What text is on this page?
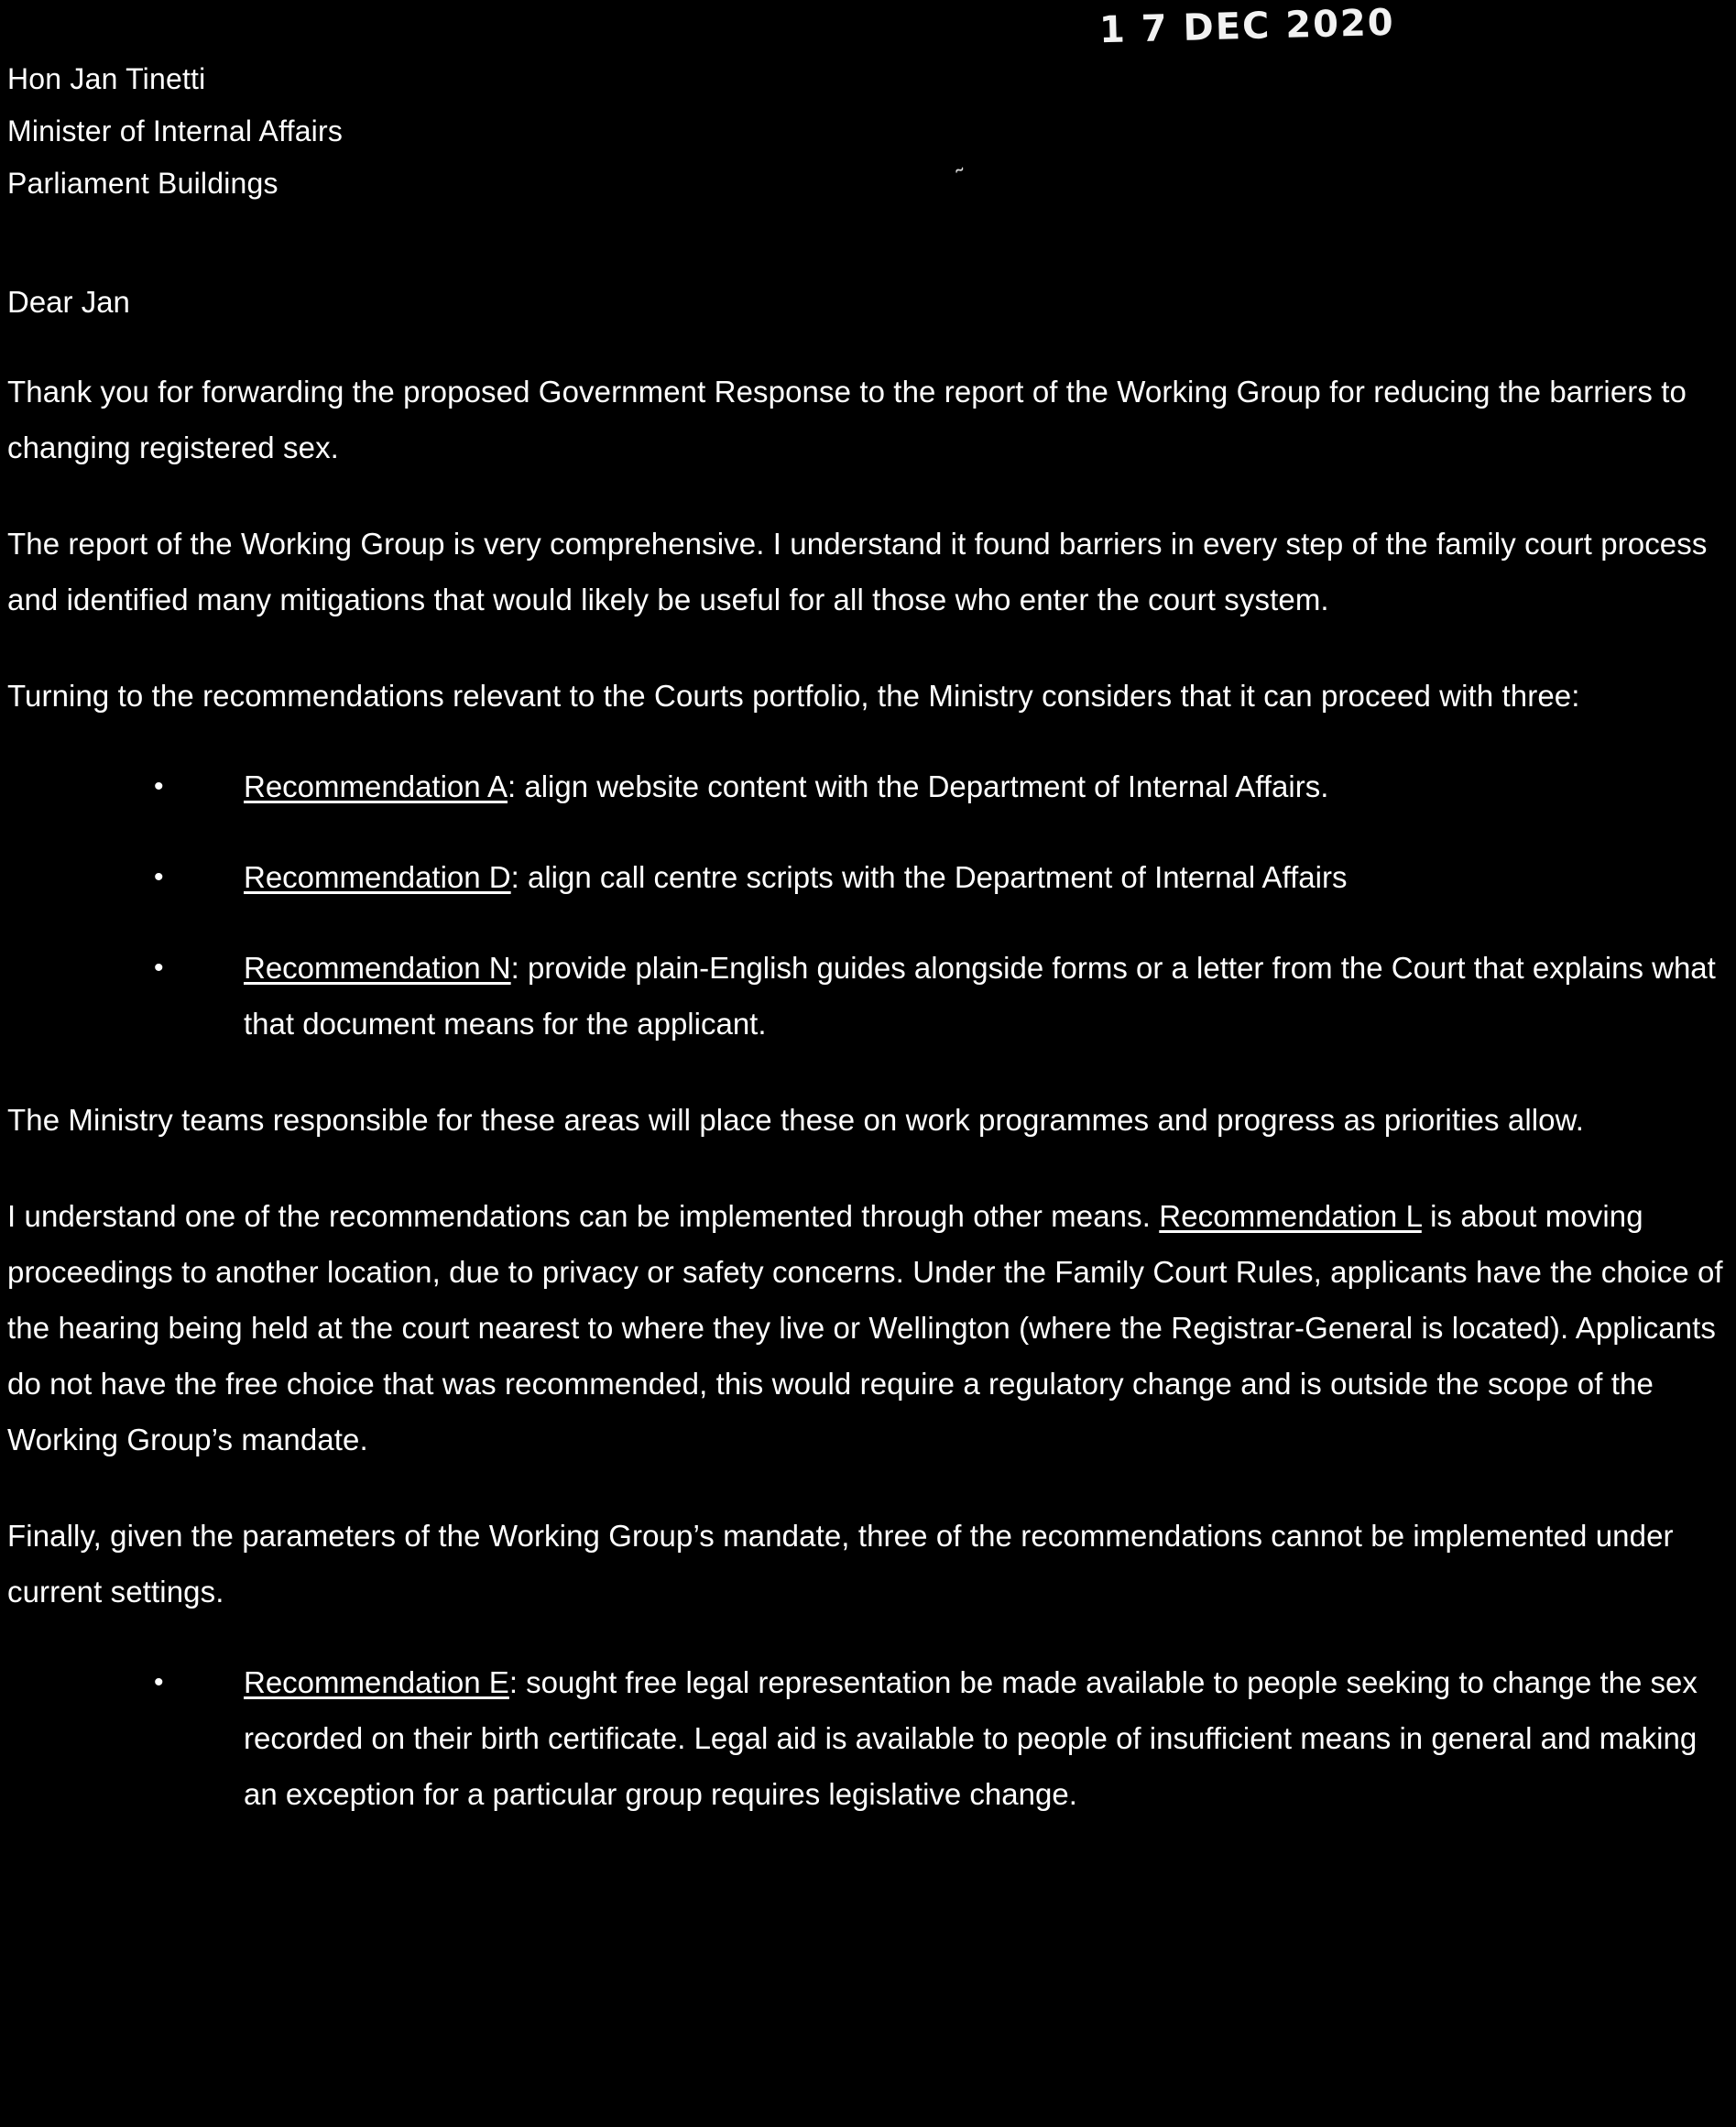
1 7 DEC 2020
Hon Jan Tinetti
Minister of Internal Affairs
Parliament Buildings
Dear Jan

Thank you for forwarding the proposed Government Response to the report of the Working Group for reducing the barriers to changing registered sex.

The report of the Working Group is very comprehensive. I understand it found barriers in every step of the family court process and identified many mitigations that would likely be useful for all those who enter the court system.

Turning to the recommendations relevant to the Courts portfolio, the Ministry considers that it can proceed with three:

•	Recommendation A: align website content with the Department of Internal Affairs.
•	Recommendation D: align call centre scripts with the Department of Internal Affairs
•	Recommendation N: provide plain-English guides alongside forms or a letter from the Court that explains what that document means for the applicant.

The Ministry teams responsible for these areas will place these on work programmes and progress as priorities allow.

I understand one of the recommendations can be implemented through other means. Recommendation L is about moving proceedings to another location, due to privacy or safety concerns. Under the Family Court Rules, applicants have the choice of the hearing being held at the court nearest to where they live or Wellington (where the Registrar-General is located). Applicants do not have the free choice that was recommended, this would require a regulatory change and is outside the scope of the Working Group’s mandate.

Finally, given the parameters of the Working Group’s mandate, three of the recommendations cannot be implemented under current settings.

•	Recommendation E: sought free legal representation be made available to people seeking to change the sex recorded on their birth certificate. Legal aid is available to people of insufficient means in general and making an exception for a particular group requires legislative change.
˜
